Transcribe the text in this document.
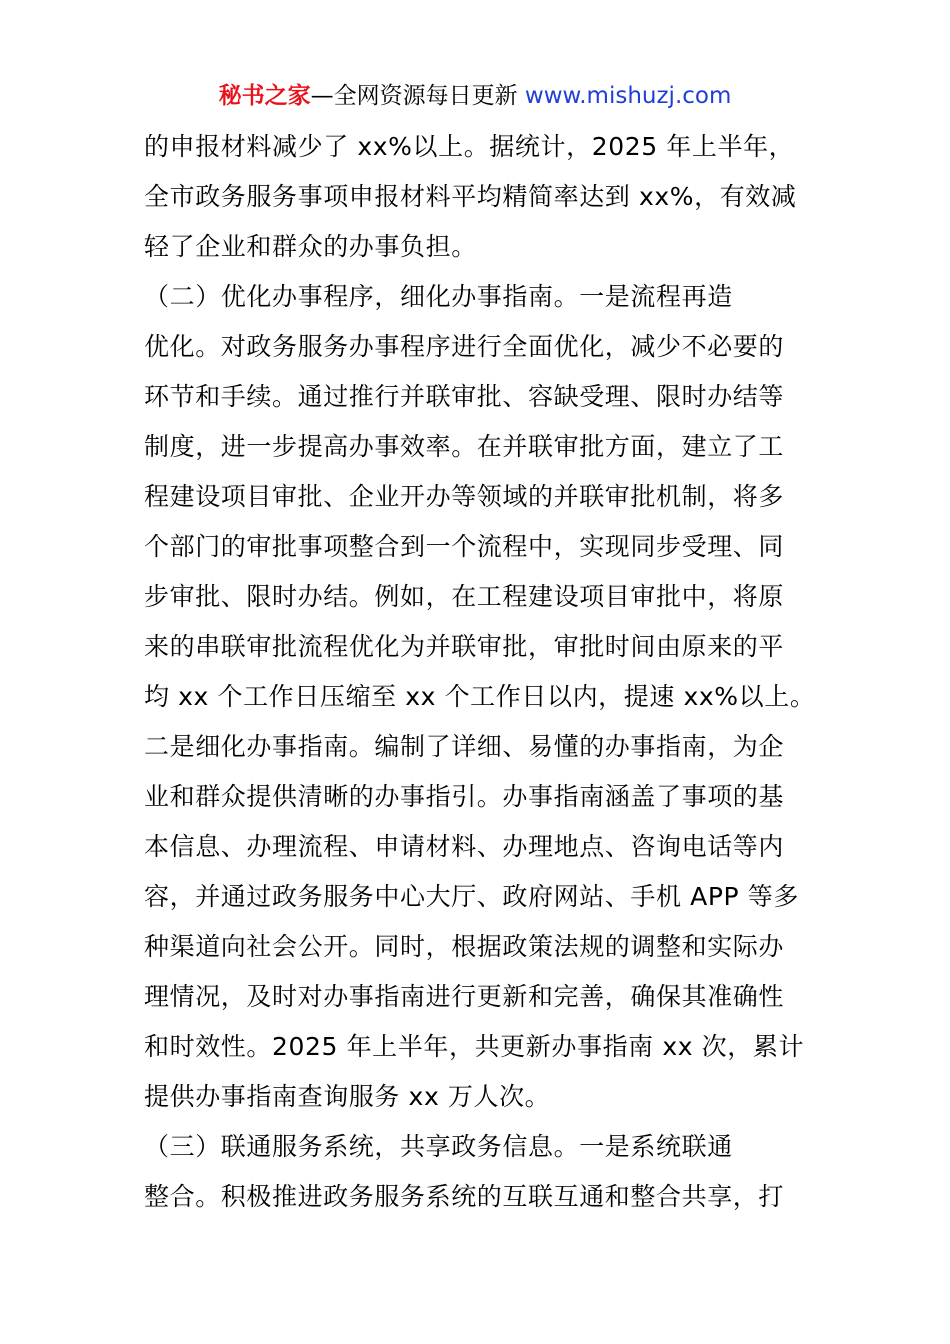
秘书之家—全网资源每日更新 www.mishuzj.com
的申报材料减少了 xx%以上。据统计，2025 年上半年，
全市政务服务事项申报材料平均精简率达到 xx%，有效减
轻了企业和群众的办事负担。
（二）优化办事程序，细化办事指南。一是流程再造
优化。对政务服务办事程序进行全面优化，减少不必要的
环节和手续。通过推行并联审批、容缺受理、限时办结等
制度，进一步提高办事效率。在并联审批方面，建立了工
程建设项目审批、企业开办等领域的并联审批机制，将多
个部门的审批事项整合到一个流程中，实现同步受理、同
步审批、限时办结。例如，在工程建设项目审批中，将原
来的串联审批流程优化为并联审批，审批时间由原来的平
均 xx 个工作日压缩至 xx 个工作日以内，提速 xx%以上。
二是细化办事指南。编制了详细、易懂的办事指南，为企
业和群众提供清晰的办事指引。办事指南涵盖了事项的基
本信息、办理流程、申请材料、办理地点、咨询电话等内
容，并通过政务服务中心大厅、政府网站、手机 APP 等多
种渠道向社会公开。同时，根据政策法规的调整和实际办
理情况，及时对办事指南进行更新和完善，确保其准确性
和时效性。2025 年上半年，共更新办事指南 xx 次，累计
提供办事指南查询服务 xx 万人次。
（三）联通服务系统，共享政务信息。一是系统联通
整合。积极推进政务服务系统的互联互通和整合共享，打
